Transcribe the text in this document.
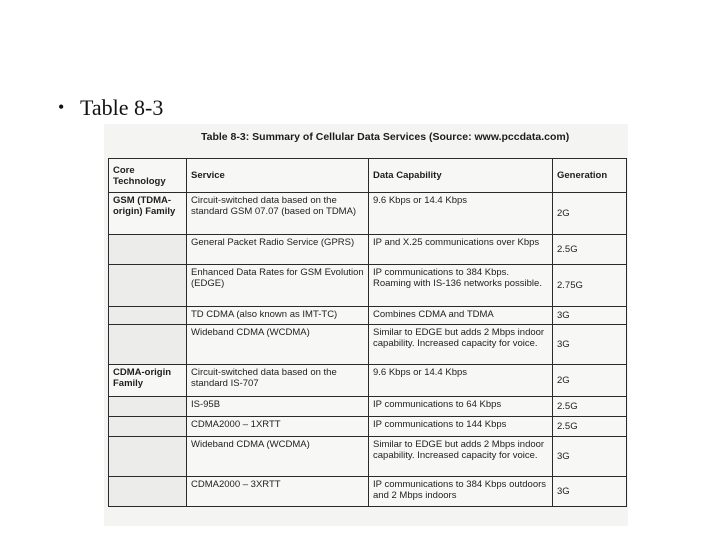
• Table 8-3
Table 8-3: Summary of Cellular Data Services (Source: www.pccdata.com)
Core Technology	Service	Data Capability	Generation
GSM (TDMA-origin) Family	Circuit-switched data based on the standard GSM 07.07 (based on TDMA)	9.6 Kbps or 14.4 Kbps	2G
	General Packet Radio Service (GPRS)	IP and X.25 communications over Kbps	2.5G
	Enhanced Data Rates for GSM Evolution (EDGE)	IP communications to 384 Kbps. Roaming with IS-136 networks possible.	2.75G
	TD CDMA (also known as IMT-TC)	Combines CDMA and TDMA	3G
	Wideband CDMA (WCDMA)	Similar to EDGE but adds 2 Mbps indoor capability. Increased capacity for voice.	3G
CDMA-origin Family	Circuit-switched data based on the standard IS-707	9.6 Kbps or 14.4 Kbps	2G
	IS-95B	IP communications to 64 Kbps	2.5G
	CDMA2000 – 1XRTT	IP communications to 144 Kbps	2.5G
	Wideband CDMA (WCDMA)	Similar to EDGE but adds 2 Mbps indoor capability. Increased capacity for voice.	3G
	CDMA2000 – 3XRTT	IP communications to 384 Kbps outdoors and 2 Mbps indoors	3G
